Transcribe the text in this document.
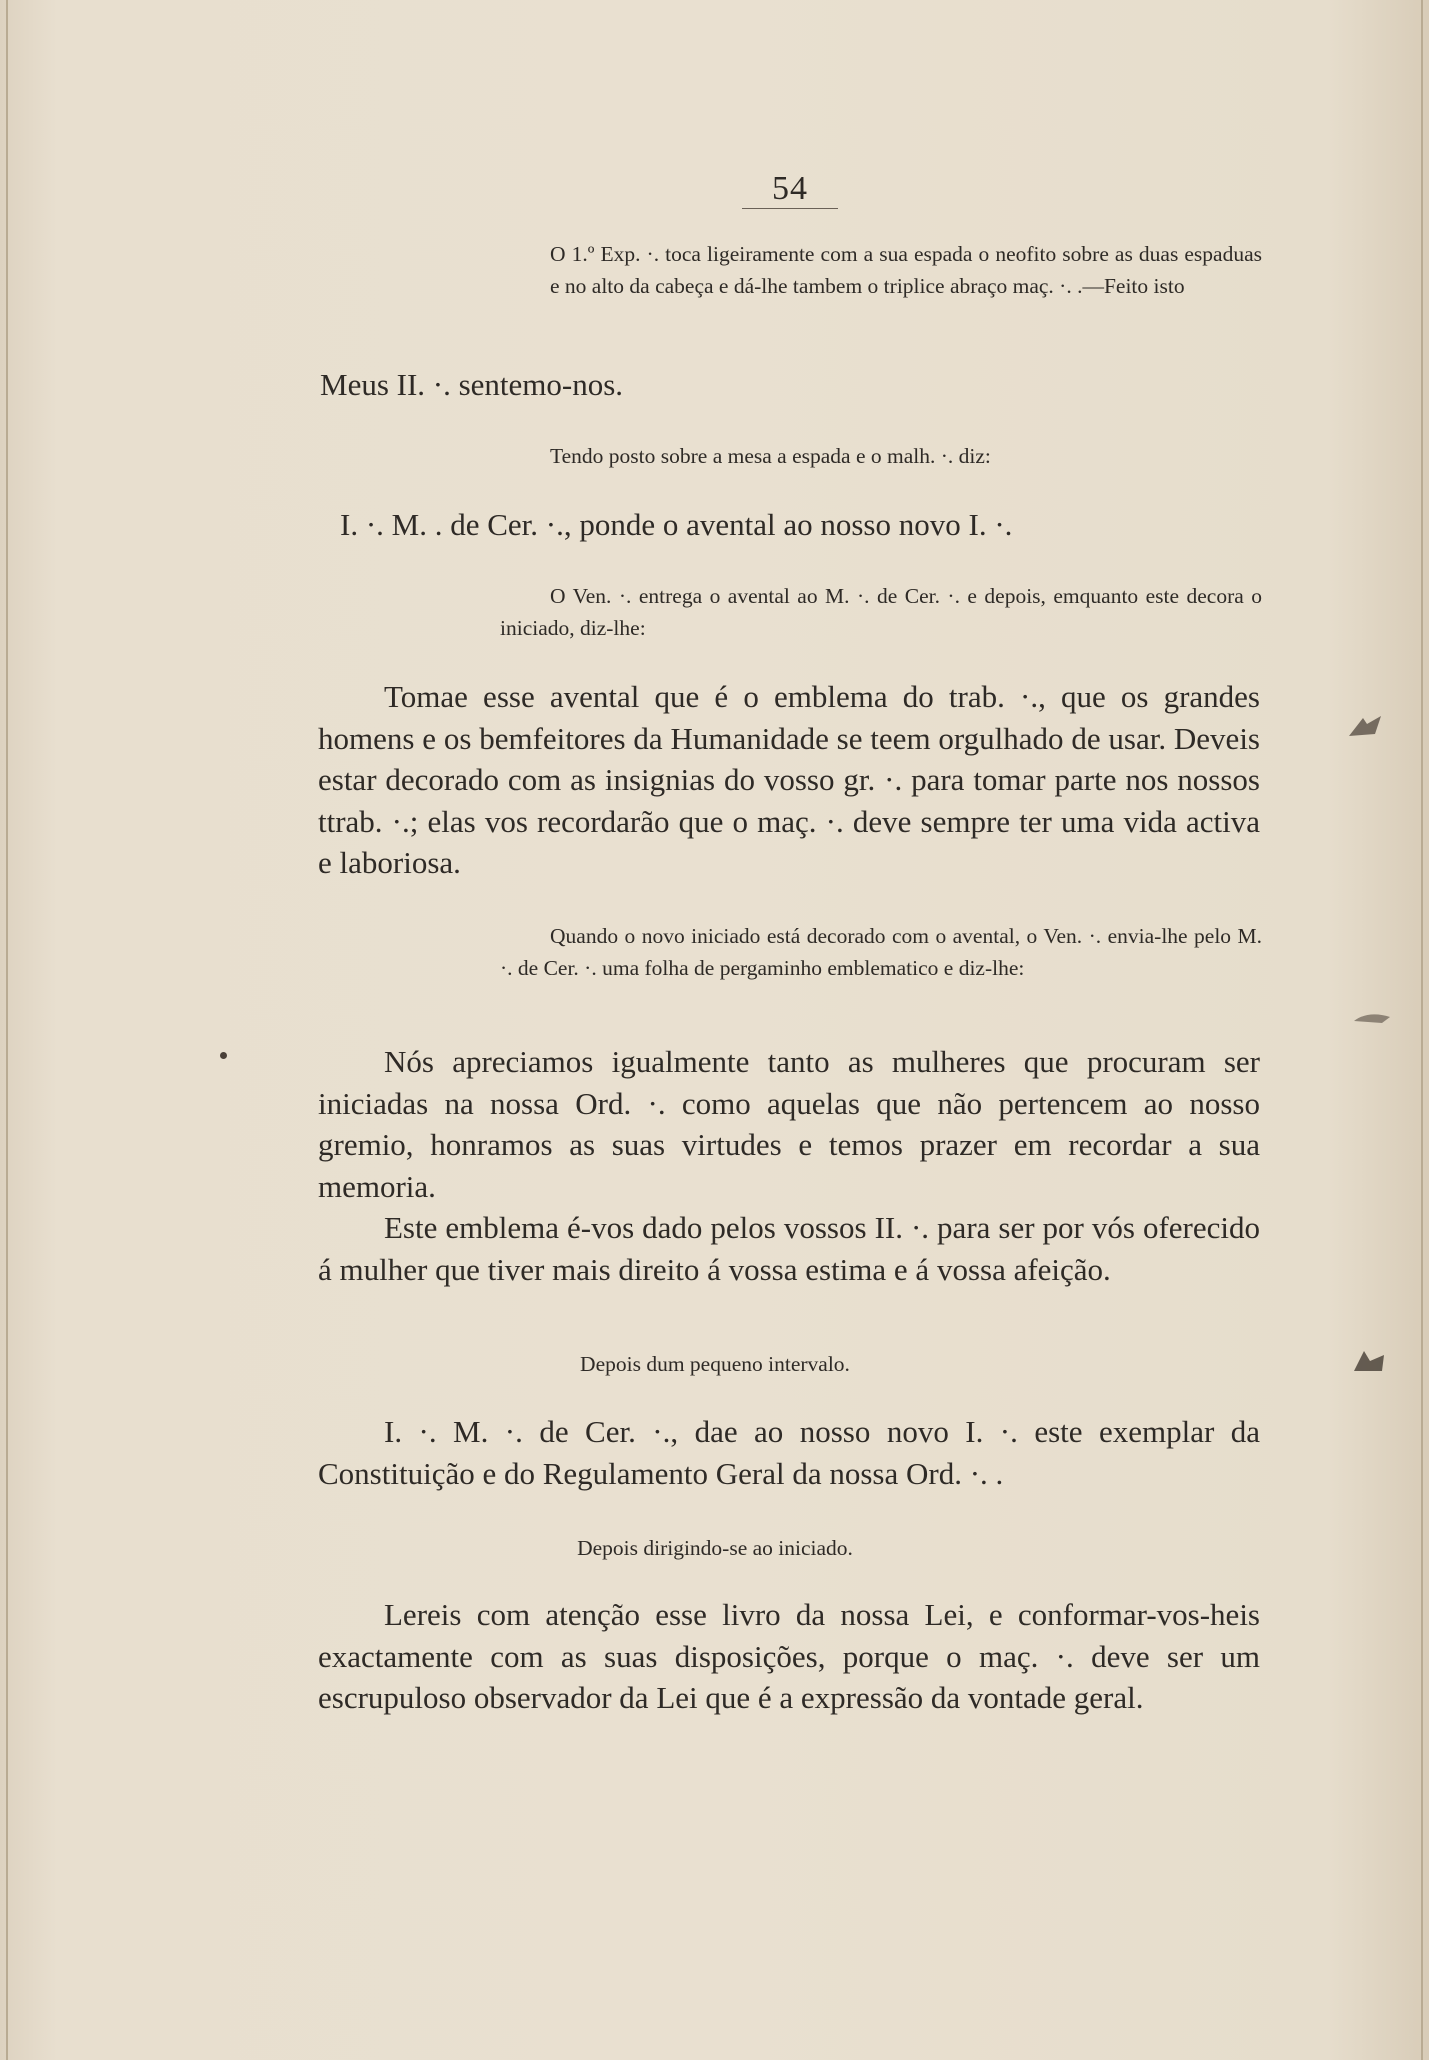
54

O 1.º Exp. ·. toca ligeiramente com a sua espada o neofito sobre as duas espaduas e no alto da cabeça e dá-lhe tambem o triplice abraço maç. ·. .—Feito isto

Meus II. ·. sentemo-nos.

Tendo posto sobre a mesa a espada e o malh. ·. diz:

I. ·. M. . de Cer. ·., ponde o avental ao nosso novo I. ·.

O Ven. ·. entrega o avental ao M. ·. de Cer. ·. e depois, emquanto este decora o iniciado, diz-lhe:

Tomae esse avental que é o emblema do trab. ·., que os grandes homens e os bemfeitores da Humanidade se teem orgulhado de usar. Deveis estar decorado com as insignias do vosso gr. ·. para tomar parte nos nossos ttrab. ·.; elas vos recordarão que o maç. ·. deve sempre ter uma vida activa e laboriosa.

Quando o novo iniciado está decorado com o avental, o Ven. ·. envia-lhe pelo M. ·. de Cer. ·. uma folha de pergaminho emblematico e diz-lhe:

Nós apreciamos igualmente tanto as mulheres que procuram ser iniciadas na nossa Ord. ·. como aquelas que não pertencem ao nosso gremio, honramos as suas virtudes e temos prazer em recordar a sua memoria.

Este emblema é-vos dado pelos vossos II. ·. para ser por vós oferecido á mulher que tiver mais direito á vossa estima e á vossa afeição.

Depois dum pequeno intervalo.

I. ·. M. ·. de Cer. ·., dae ao nosso novo I. ·. este exemplar da Constituição e do Regulamento Geral da nossa Ord. ·. .

Depois dirigindo-se ao iniciado.

Lereis com atenção esse livro da nossa Lei, e conformar-vos-heis exactamente com as suas disposições, porque o maç. ·. deve ser um escrupuloso observador da Lei que é a expressão da vontade geral.
